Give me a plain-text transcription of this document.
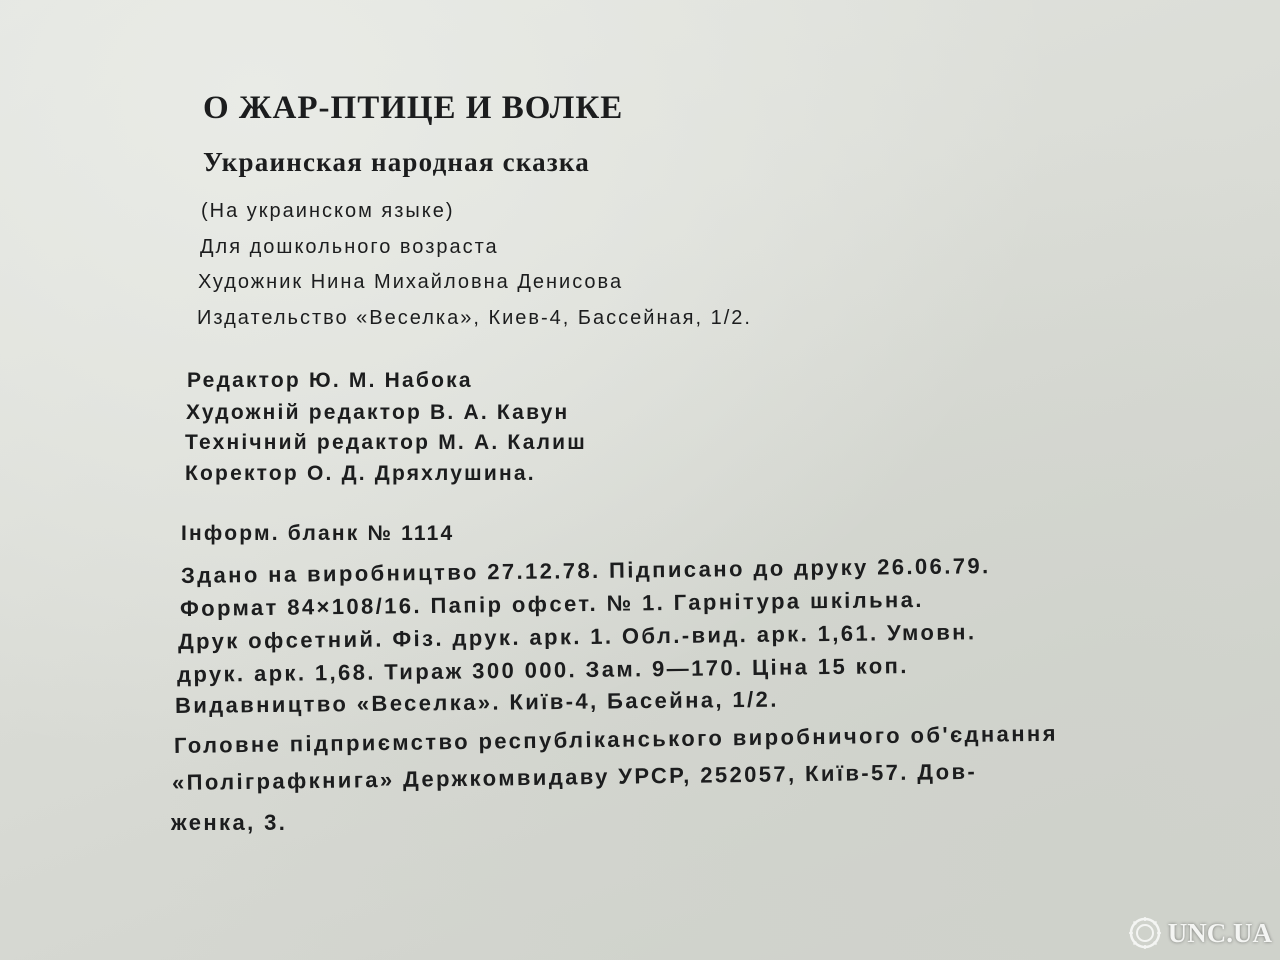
О ЖАР-ПТИЦЕ И ВОЛКЕ
Украинская народная сказка
(На украинском языке)
Для дошкольного возраста
Художник Нина Михайловна Денисова
Издательство «Веселка», Киев-4, Бассейная, 1/2.
Редактор Ю. М. Набока
Художній редактор В. А. Кавун
Технічний редактор М. А. Калиш
Коректор О. Д. Дряхлушина.
Інформ. бланк № 1114
Здано на виробництво 27.12.78. Підписано до друку 26.06.79.
Формат 84×108/16. Папір офсет. № 1. Гарнітура шкільна.
Друк офсетний. Фіз. друк. арк. 1. Обл.-вид. арк. 1,61. Умовн.
друк. арк. 1,68. Тираж 300 000. Зам. 9—170. Ціна 15 коп.
Видавництво «Веселка». Київ-4, Басейна, 1/2.
Головне підприємство республіканського виробничого об'єднання
«Поліграфкнига» Держкомвидаву УРСР, 252057, Київ-57. Дов-
женка, 3.
UNC.UA
